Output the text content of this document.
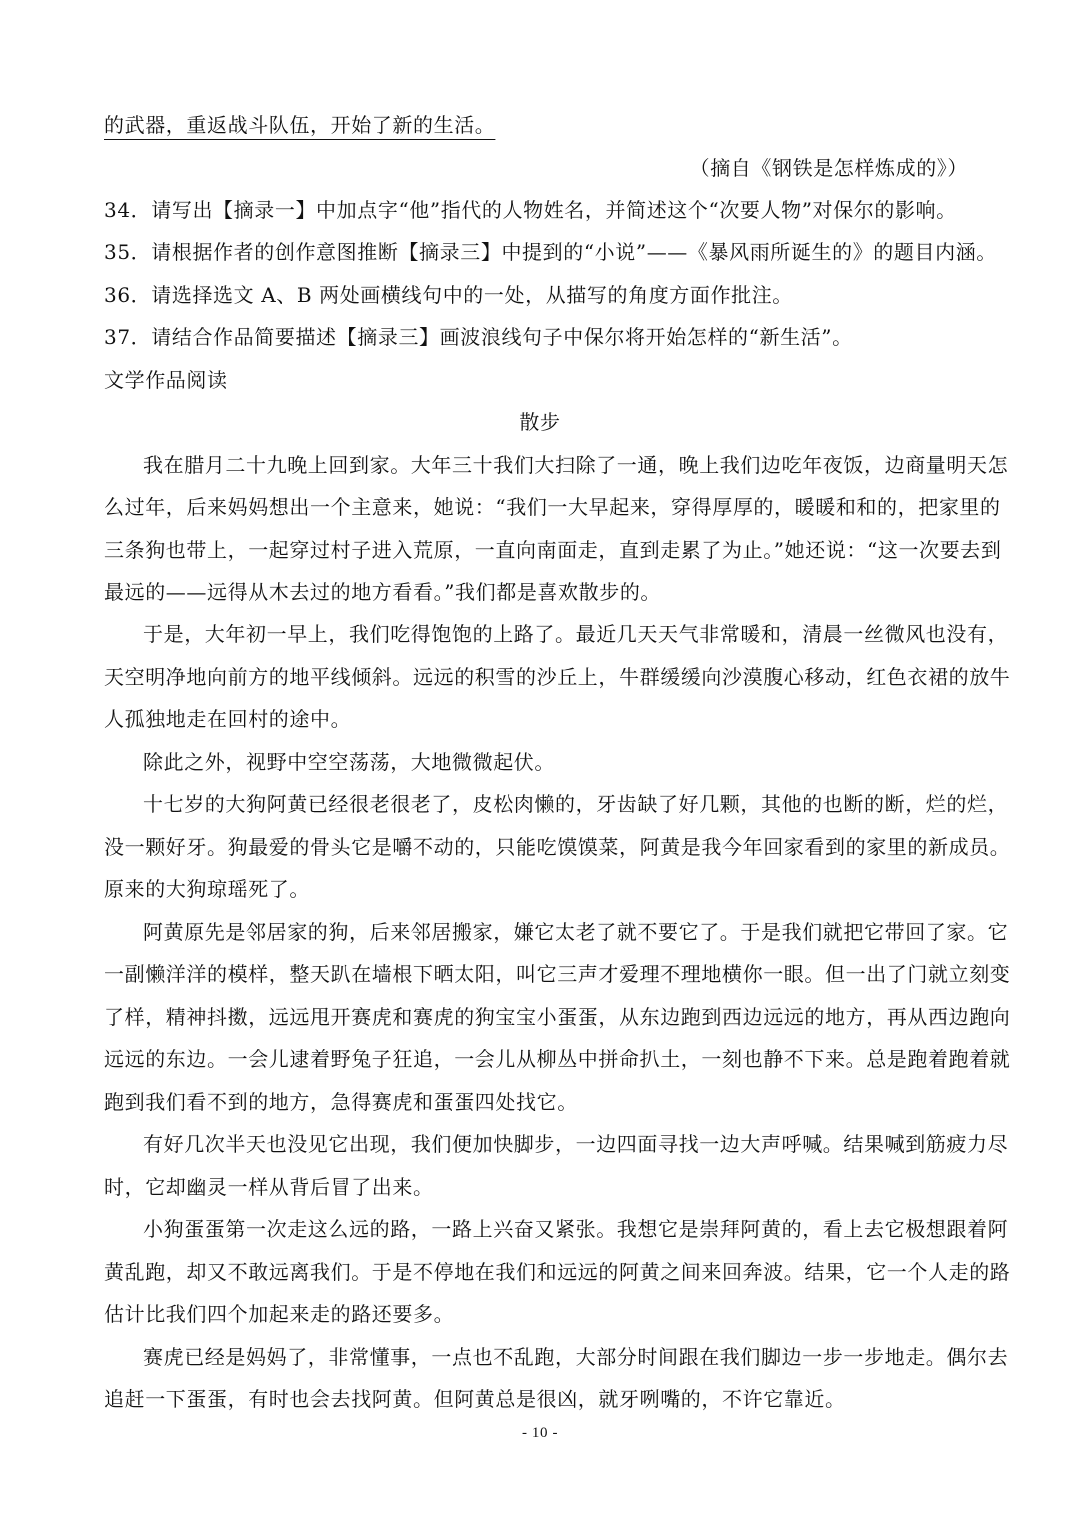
的武器，重返战斗队伍，开始了新的生活。
（摘自《钢铁是怎样炼成的》）
34．请写出【摘录一】中加点字“他”指代的人物姓名，并简述这个“次要人物”对保尔的影响。
35．请根据作者的创作意图推断【摘录三】中提到的“小说”——《暴风雨所诞生的》的题目内涵。
36．请选择选文 A、B 两处画横线句中的一处，从描写的角度方面作批注。
37．请结合作品简要描述【摘录三】画波浪线句子中保尔将开始怎样的“新生活”。
文学作品阅读
散步
我在腊月二十九晚上回到家。大年三十我们大扫除了一通，晚上我们边吃年夜饭，边商量明天怎
么过年，后来妈妈想出一个主意来，她说：“我们一大早起来，穿得厚厚的，暖暖和和的，把家里的
三条狗也带上，一起穿过村子进入荒原，一直向南面走，直到走累了为止。”她还说：“这一次要去到
最远的——远得从木去过的地方看看。”我们都是喜欢散步的。
于是，大年初一早上，我们吃得饱饱的上路了。最近几天天气非常暖和，清晨一丝微风也没有，
天空明净地向前方的地平线倾斜。远远的积雪的沙丘上，牛群缓缓向沙漠腹心移动，红色衣裙的放牛
人孤独地走在回村的途中。
除此之外，视野中空空荡荡，大地微微起伏。
十七岁的大狗阿黄已经很老很老了，皮松肉懒的，牙齿缺了好几颗，其他的也断的断，烂的烂，
没一颗好牙。狗最爱的骨头它是嚼不动的，只能吃馍馍菜，阿黄是我今年回家看到的家里的新成员。
原来的大狗琼瑶死了。
阿黄原先是邻居家的狗，后来邻居搬家，嫌它太老了就不要它了。于是我们就把它带回了家。它
一副懒洋洋的模样，整天趴在墙根下晒太阳，叫它三声才爱理不理地横你一眼。但一出了门就立刻变
了样，精神抖擞，远远甩开赛虎和赛虎的狗宝宝小蛋蛋，从东边跑到西边远远的地方，再从西边跑向
远远的东边。一会儿逮着野兔子狂追，一会儿从柳丛中拼命扒土，一刻也静不下来。总是跑着跑着就
跑到我们看不到的地方，急得赛虎和蛋蛋四处找它。
有好几次半天也没见它出现，我们便加快脚步，一边四面寻找一边大声呼喊。结果喊到筋疲力尽
时，它却幽灵一样从背后冒了出来。
小狗蛋蛋第一次走这么远的路，一路上兴奋又紧张。我想它是崇拜阿黄的，看上去它极想跟着阿
黄乱跑，却又不敢远离我们。于是不停地在我们和远远的阿黄之间来回奔波。结果，它一个人走的路
估计比我们四个加起来走的路还要多。
赛虎已经是妈妈了，非常懂事，一点也不乱跑，大部分时间跟在我们脚边一步一步地走。偶尔去
追赶一下蛋蛋，有时也会去找阿黄。但阿黄总是很凶，就牙咧嘴的，不许它靠近。
- 10 -
